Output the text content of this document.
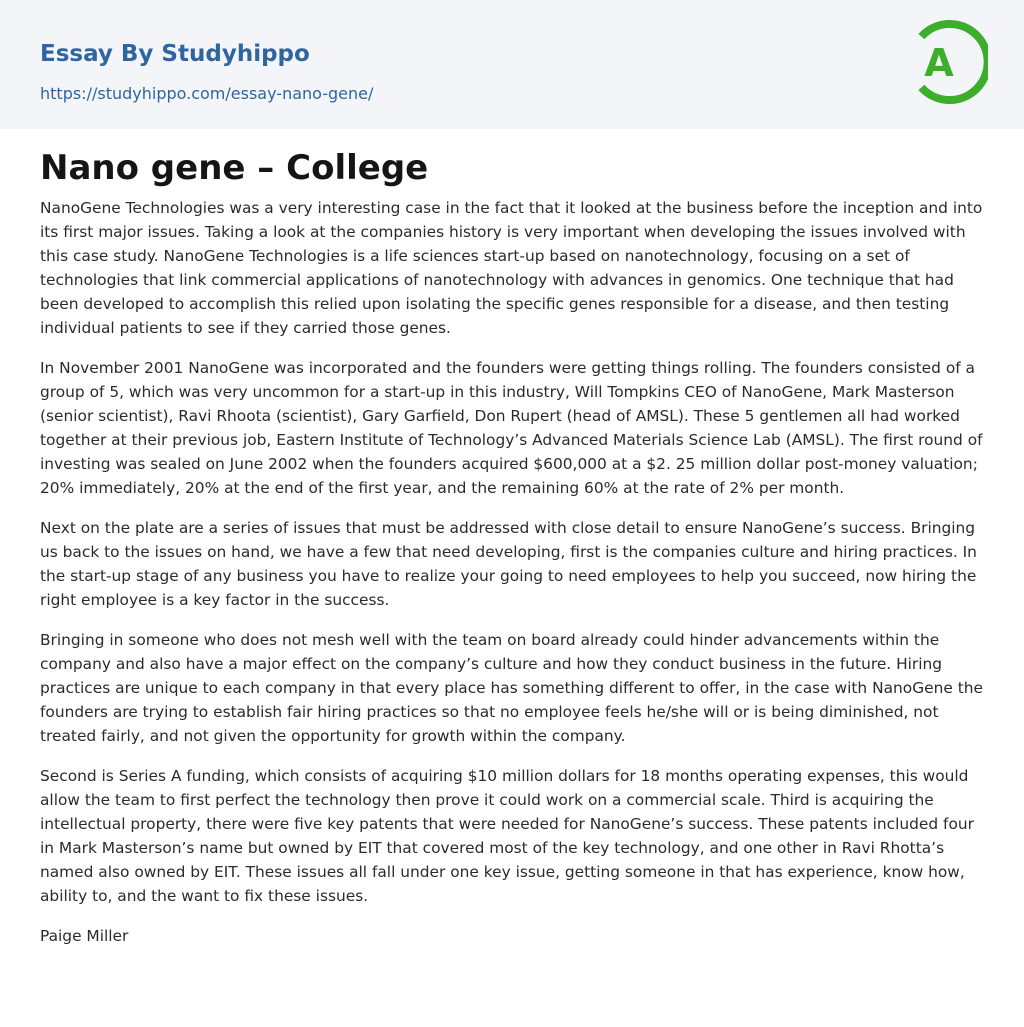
Essay By Studyhippo
https://studyhippo.com/essay-nano-gene/
A
Nano gene – College

NanoGene Technologies was a very interesting case in the fact that it looked at the business before the inception and into its first major issues. Taking a look at the companies history is very important when developing the issues involved with this case study. NanoGene Technologies is a life sciences start-up based on nanotechnology, focusing on a set of technologies that link commercial applications of nanotechnology with advances in genomics. One technique that had been developed to accomplish this relied upon isolating the specific genes responsible for a disease, and then testing individual patients to see if they carried those genes.

In November 2001 NanoGene was incorporated and the founders were getting things rolling. The founders consisted of a group of 5, which was very uncommon for a start-up in this industry, Will Tompkins CEO of NanoGene, Mark Masterson (senior scientist), Ravi Rhoota (scientist), Gary Garfield, Don Rupert (head of AMSL). These 5 gentlemen all had worked together at their previous job, Eastern Institute of Technology’s Advanced Materials Science Lab (AMSL). The first round of investing was sealed on June 2002 when the founders acquired $600,000 at a $2. 25 million dollar post-money valuation; 20% immediately, 20% at the end of the first year, and the remaining 60% at the rate of 2% per month.

Next on the plate are a series of issues that must be addressed with close detail to ensure NanoGene’s success. Bringing us back to the issues on hand, we have a few that need developing, first is the companies culture and hiring practices. In the start-up stage of any business you have to realize your going to need employees to help you succeed, now hiring the right employee is a key factor in the success.

Bringing in someone who does not mesh well with the team on board already could hinder advancements within the company and also have a major effect on the company’s culture and how they conduct business in the future. Hiring practices are unique to each company in that every place has something different to offer, in the case with NanoGene the founders are trying to establish fair hiring practices so that no employee feels he/she will or is being diminished, not treated fairly, and not given the opportunity for growth within the company.

Second is Series A funding, which consists of acquiring $10 million dollars for 18 months operating expenses, this would allow the team to first perfect the technology then prove it could work on a commercial scale. Third is acquiring the intellectual property, there were five key patents that were needed for NanoGene’s success. These patents included four in Mark Masterson’s name but owned by EIT that covered most of the key technology, and one other in Ravi Rhotta’s named also owned by EIT. These issues all fall under one key issue, getting someone in that has experience, know how, ability to, and the want to fix these issues.

Paige Miller
